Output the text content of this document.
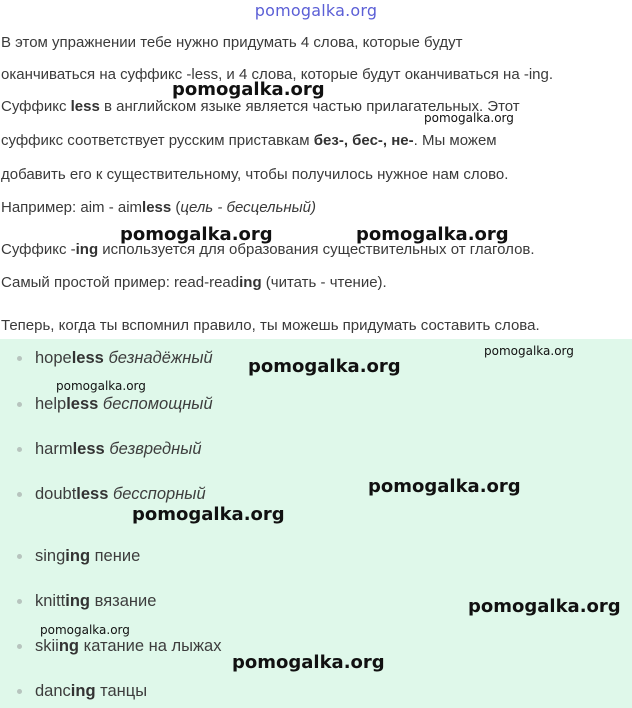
pomogalka.org
В этом упражнении тебе нужно придумать 4 слова, которые будут
оканчиваться на суффикс -less, и 4 слова, которые будут оканчиваться на -ing.
Суффикс less в английском языке является частью прилагательных. Этот
суффикс соответствует русским приставкам без-, бес-, не-. Мы можем
добавить его к существительному, чтобы получилось нужное нам слово.
Например: aim - aimless (цель - бесцельный)
Суффикс -ing используется для образования существительных от глаголов.
Самый простой пример: read-reading (читать - чтение).
Теперь, когда ты вспомнил правило, ты можешь придумать составить слова.
hopeless безнадёжный
helpless беспомощный
harmless безвредный
doubtless бесспорный
singing пение
knitting вязание
skiing катание на лыжах
dancing танцы
pomogalka.org
pomogalka.org
pomogalka.org	pomogalka.org
pomogalka.org
pomogalka.org
pomogalka.org
pomogalka.org
pomogalka.org
pomogalka.org
pomogalka.org
pomogalka.org
